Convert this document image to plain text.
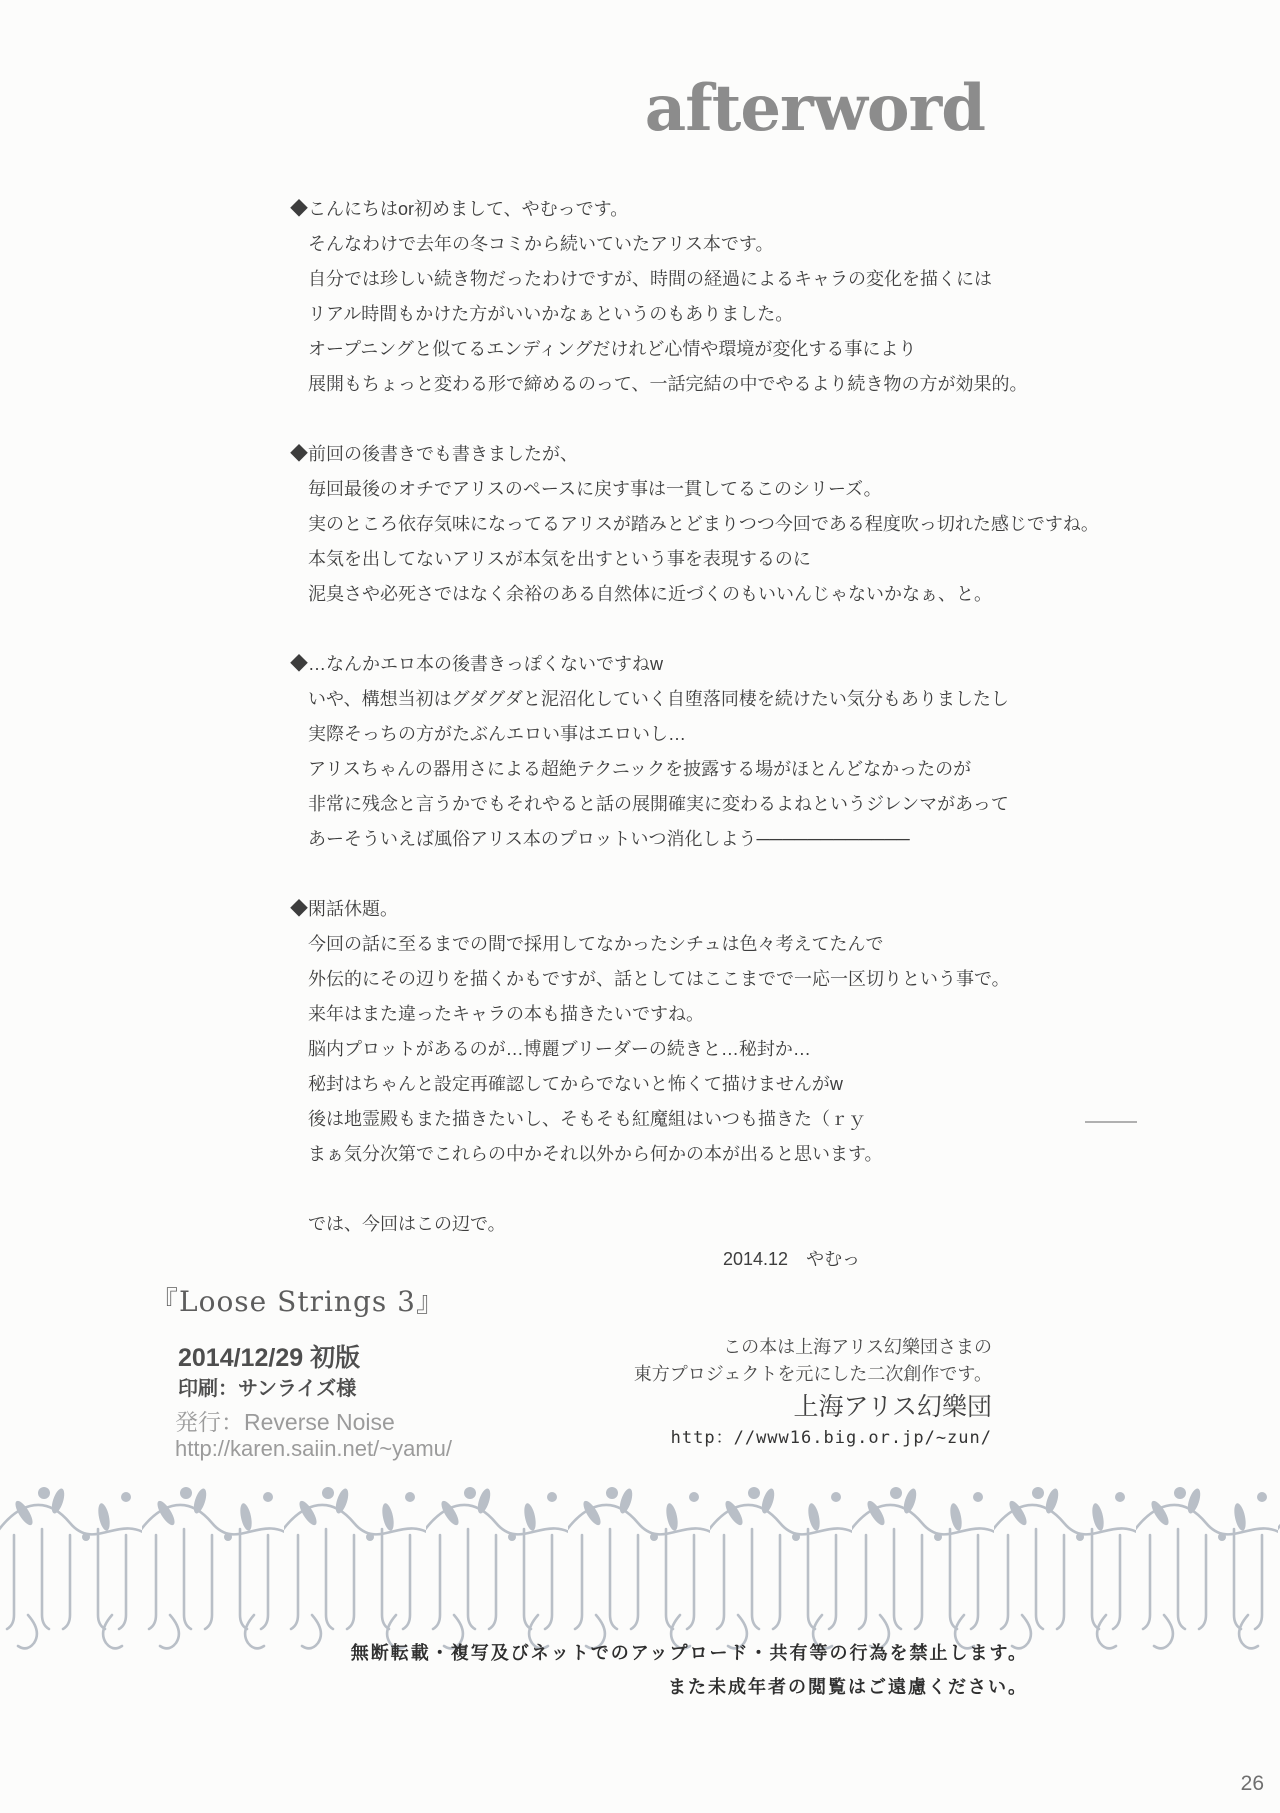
afterword
◆こんにちはor初めまして、やむっです。
そんなわけで去年の冬コミから続いていたアリス本です。
自分では珍しい続き物だったわけですが、時間の経過によるキャラの変化を描くには
リアル時間もかけた方がいいかなぁというのもありました。
オープニングと似てるエンディングだけれど心情や環境が変化する事により
展開もちょっと変わる形で締めるのって、一話完結の中でやるより続き物の方が効果的。
◆前回の後書きでも書きましたが、
毎回最後のオチでアリスのペースに戻す事は一貫してるこのシリーズ。
実のところ依存気味になってるアリスが踏みとどまりつつ今回である程度吹っ切れた感じですね。
本気を出してないアリスが本気を出すという事を表現するのに
泥臭さや必死さではなく余裕のある自然体に近づくのもいいんじゃないかなぁ、と。
◆…なんかエロ本の後書きっぽくないですねw
いや、構想当初はグダグダと泥沼化していく自堕落同棲を続けたい気分もありましたし
実際そっちの方がたぶんエロい事はエロいし…
アリスちゃんの器用さによる超絶テクニックを披露する場がほとんどなかったのが
非常に残念と言うかでもそれやると話の展開確実に変わるよねというジレンマがあって
あーそういえば風俗アリス本のプロットいつ消化しよう────────────
◆閑話休題。
今回の話に至るまでの間で採用してなかったシチュは色々考えてたんで
外伝的にその辺りを描くかもですが、話としてはここまでで一応一区切りという事で。
来年はまた違ったキャラの本も描きたいですね。
脳内プロットがあるのが…博麗ブリーダーの続きと…秘封か…
秘封はちゃんと設定再確認してからでないと怖くて描けませんがw
後は地霊殿もまた描きたいし、そもそも紅魔組はいつも描きた（ｒｙ
まぁ気分次第でこれらの中かそれ以外から何かの本が出ると思います。
では、今回はこの辺で。
2014.12　やむっ
『Loose Strings 3』
2014/12/29 初版
印刷：サンライズ様
発行：Reverse Noise
http://karen.saiin.net/~yamu/
この本は上海アリス幻樂団さまの
東方プロジェクトを元にした二次創作です。
上海アリス幻樂団
http：//www16.big.or.jp/~zun/
無断転載・複写及びネットでのアップロード・共有等の行為を禁止します。
また未成年者の閲覧はご遠慮ください。
26
